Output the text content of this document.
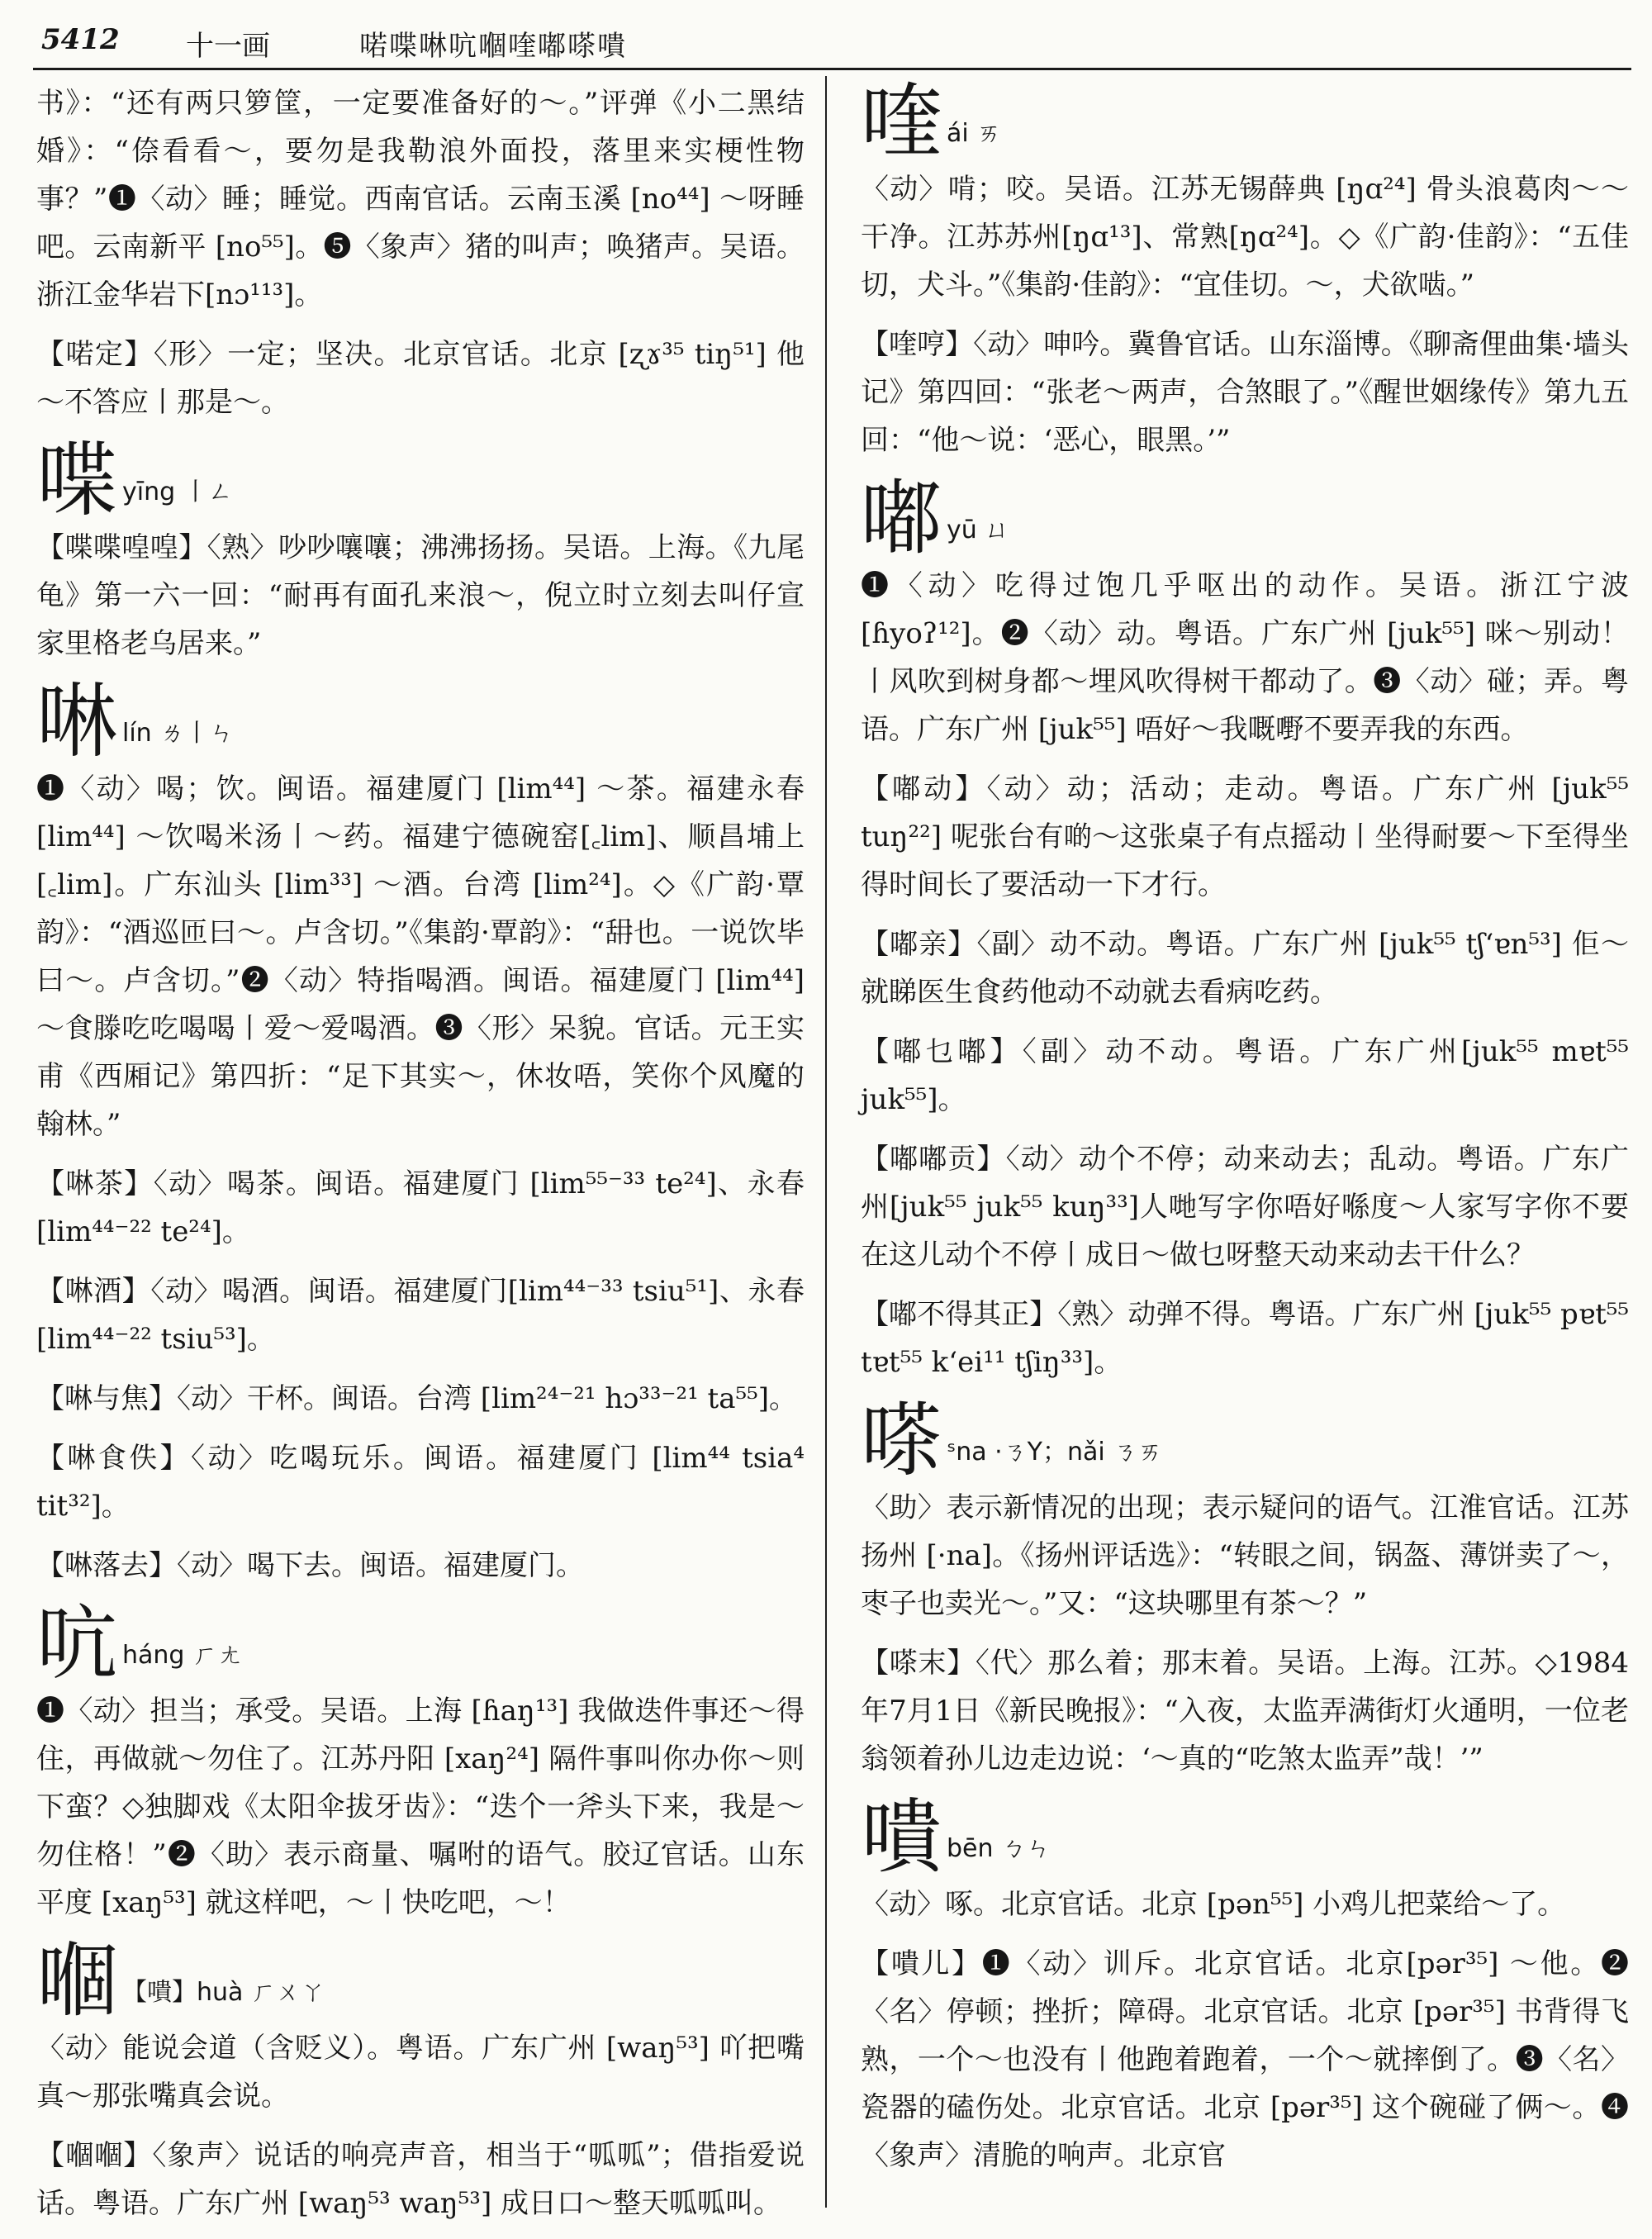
5412 十一画	喏喋啉吭嗰喹嘟嗏嘳
书》：“还有两只箩筐，一定要准备好的～。”评弹《小二黑结婚》：“倷看看～，要勿是我勒浪外面投，落里来实梗性物事？”❶〈动〉睡；睡觉。西南官话。云南玉溪 [no⁴⁴] ～呀睡吧。云南新平 [no⁵⁵]。❺〈象声〉猪的叫声；唤猪声。吴语。浙江金华岩下[nɔ¹¹³]。
【喏定】〈形〉一定；坚决。北京官话。北京 [ʐɤ³⁵ tiŋ⁵¹] 他～不答应丨那是～。
喋yīng 丨ㄥ
【喋喋喤喤】〈熟〉吵吵嚷嚷；沸沸扬扬。吴语。上海。《九尾龟》第一六一回：“耐再有面孔来浪～，倪立时立刻去叫仔宣家里格老乌居来。”
啉lín ㄌ丨ㄣ
❶〈动〉喝；饮。闽语。福建厦门 [lim⁴⁴] ～茶。福建永春 [lim⁴⁴] ～饮喝米汤丨～药。福建宁德碗窑[꜀lim]、顺昌埔上[꜀lim]。广东汕头 [lim³³] ～酒。台湾 [lim²⁴]。◇《广韵·覃韵》：“酒巡匝曰～。卢含切。”《集韵·覃韵》：“䑙也。一说饮毕曰～。卢含切。”❷〈动〉特指喝酒。闽语。福建厦门 [lim⁴⁴] ～食滕吃吃喝喝丨爱～爱喝酒。❸〈形〉呆貌。官话。元王实甫《西厢记》第四折：“足下其实～，休妆唔，笑你个风魔的翰林。”
【啉茶】〈动〉喝茶。闽语。福建厦门 [lim⁵⁵⁻³³ te²⁴]、永春 [lim⁴⁴⁻²² te²⁴]。
【啉酒】〈动〉喝酒。闽语。福建厦门[lim⁴⁴⁻³³ tsiu⁵¹]、永春 [lim⁴⁴⁻²² tsiu⁵³]。
【啉与焦】〈动〉干杯。闽语。台湾 [lim²⁴⁻²¹ hɔ³³⁻²¹ ta⁵⁵]。
【啉食佚】〈动〉吃喝玩乐。闽语。福建厦门 [lim⁴⁴ tsia⁴ tit³²]。
【啉落去】〈动〉喝下去。闽语。福建厦门。
吭háng ㄏㄤ
❶〈动〉担当；承受。吴语。上海 [ɦaŋ¹³] 我做迭件事还～得住，再做就～勿住了。江苏丹阳 [xaŋ²⁴] 隔件事叫你办你～则下蛮？◇独脚戏《太阳伞拔牙齿》：“迭个一斧头下来，我是～勿住格！”❷〈助〉表示商量、嘱咐的语气。胶辽官话。山东平度 [xaŋ⁵³] 就这样吧，～丨快吃吧，～！
嗰 【嘳】huà ㄏㄨㄚ
〈动〉能说会道（含贬义）。粤语。广东广州 [waŋ⁵³] 吖把嘴真～那张嘴真会说。
【嗰嗰】〈象声〉说话的响亮声音，相当于“呱呱”；借指爱说话。粤语。广东广州 [waŋ⁵³ waŋ⁵³] 成日口～整天呱呱叫。
喹ái ㄞ
〈动〉啃；咬。吴语。江苏无锡薛典 [ŋɑ²⁴] 骨头浪葛肉～～干净。江苏苏州[ŋɑ¹³]、常熟[ŋɑ²⁴]。◇《广韵·佳韵》：“五佳切，犬斗。”《集韵·佳韵》：“宜佳切。～，犬欲啮。”
【喹哼】〈动〉呻吟。冀鲁官话。山东淄博。《聊斋俚曲集·墙头记》第四回：“张老～两声，合煞眼了。”《醒世姻缘传》第九五回：“他～说：‘恶心，眼黑。’”
嘟yū ㄩ
❶〈动〉吃得过饱几乎呕出的动作。吴语。浙江宁波 [ɦyoʔ¹²]。❷〈动〉动。粤语。广东广州 [juk⁵⁵] 咪～别动！丨风吹到树身都～埋风吹得树干都动了。❸〈动〉碰；弄。粤语。广东广州 [juk⁵⁵] 唔好～我嘅嘢不要弄我的东西。
【嘟动】〈动〉动；活动；走动。粤语。广东广州 [juk⁵⁵ tuŋ²²] 呢张台有啲～这张桌子有点摇动丨坐得耐要～下至得坐得时间长了要活动一下才行。
【嘟亲】〈副〉动不动。粤语。广东广州 [juk⁵⁵ tʃʻɐn⁵³] 佢～就睇医生食药他动不动就去看病吃药。
【嘟乜嘟】〈副〉动不动。粤语。广东广州[juk⁵⁵ mɐt⁵⁵ juk⁵⁵]。
【嘟嘟贡】〈动〉动个不停；动来动去；乱动。粤语。广东广州[juk⁵⁵ juk⁵⁵ kuŋ³³]人哋写字你唔好喺度～人家写字你不要在这儿动个不停丨成日～做乜呀整天动来动去干什么？
【嘟不得其正】〈熟〉动弹不得。粤语。广东广州 [juk⁵⁵ pɐt⁵⁵ tɐt⁵⁵ kʻei¹¹ tʃiŋ³³]。
嗏 ˢna ·ㄋY；nǎi ㄋㄞ
〈助〉表示新情况的出现；表示疑问的语气。江淮官话。江苏扬州 [·na]。《扬州评话选》：“转眼之间，锅盔、薄饼卖了～，枣子也卖光～。”又：“这块哪里有茶～？”
【嗏末】〈代〉那么着；那末着。吴语。上海。江苏。◇1984年7月1日《新民晚报》：“入夜，太监弄满街灯火通明，一位老翁领着孙儿边走边说：‘～真的“吃煞太监弄”哉！’”
嘳bēn ㄅㄣ
〈动〉啄。北京官话。北京 [pən⁵⁵] 小鸡儿把菜给～了。
【嘳儿】❶〈动〉训斥。北京官话。北京[pər³⁵] ～他。❷〈名〉停顿；挫折；障碍。北京官话。北京 [pər³⁵] 书背得飞熟，一个～也没有丨他跑着跑着，一个～就摔倒了。❸〈名〉瓷器的磕伤处。北京官话。北京 [pər³⁵] 这个碗碰了俩～。❹〈象声〉清脆的响声。北京官
